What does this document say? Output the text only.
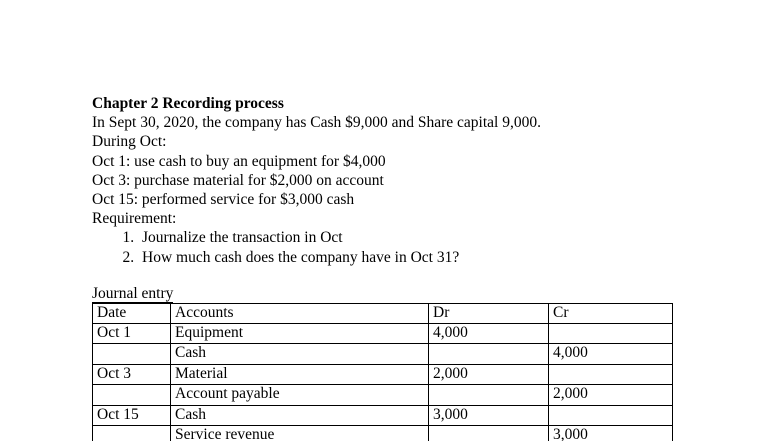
Chapter 2 Recording process
In Sept 30, 2020, the company has Cash $9,000 and Share capital 9,000.
During Oct:
Oct 1: use cash to buy an equipment for $4,000
Oct 3: purchase material for $2,000 on account
Oct 15: performed service for $3,000 cash
Requirement:
1. Journalize the transaction in Oct
2. How much cash does the company have in Oct 31?
Journal entry
Date	Accounts	Dr	Cr
Oct 1	Equipment	4,000	
	Cash		4,000
Oct 3	Material	2,000	
	Account payable		2,000
Oct 15	Cash	3,000	
	Service revenue		3,000
